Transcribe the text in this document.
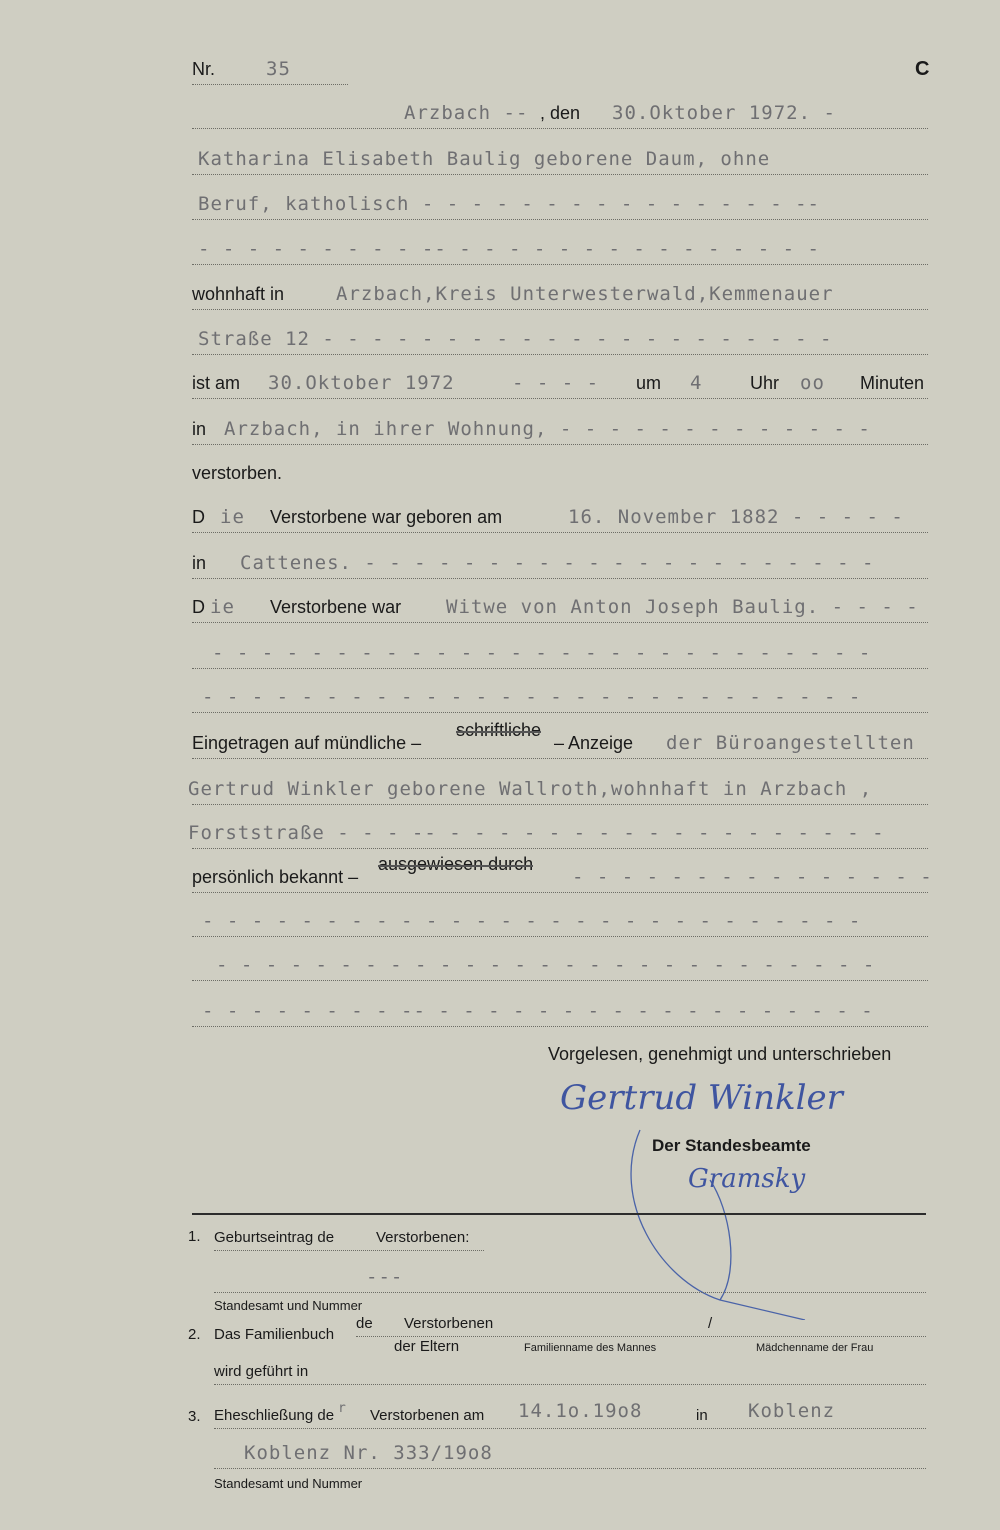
Nr.	35	C
Arzbach -- , den 30.Oktober 1972. -
Katharina Elisabeth Baulig geborene Daum, ohne
Beruf, katholisch - - - - - - - - - - - - - - - --
- - - - - - - - - -- - - - - - - - - - - - - - - -
wohnhaft in	Arzbach,Kreis Unterwesterwald,Kemmenauer
Straße 12 - - - - - - - - - - - - - - - - - - - - -
ist am 30.Oktober 1972	- - - - um 4	Uhr oo Minuten
in Arzbach, in ihrer Wohnung, - - - - - - - - - - - - -
verstorben.
D ie Verstorbene war geboren am	16. November 1882 - - - - -
in Cattenes. - - - - - - - - - - - - - - - - - - - - -
D ie Verstorbene war Witwe von Anton Joseph Baulig. - - - -
- - - - - - - - - - - - - - - - - - - - - - - - - - -
- - - - - - - - - - - - - - - - - - - - - - - - - - -
Eingetragen auf mündliche –
schriftliche
– Anzeige der Büroangestellten
Gertrud Winkler geborene Wallroth,wohnhaft in Arzbach ,
Forststraße - - - -- - - - - - - - - - - - - - - - - - -
persönlich bekannt –
ausgewiesen durch
- - - - - - - - - - - - - - -
- - - - - - - - - - - - - - - - - - - - - - - - - - -
- - - - - - - - - - - - - - - - - - - - - - - - - - -
- - - - - - - - -- - - - - - - - - - - - - - - - - - -
Vorgelesen, genehmigt und unterschrieben
Gertrud Winkler
Der Standesbeamte
Gramsky
1. Geburtseintrag de	Verstorbenen:
---
Standesamt und Nummer
2. Das Familienbuch
de Verstorbenen	/
der Eltern	Familienname des Mannes	Mädchenname der Frau
wird geführt in
3. Eheschließung de r Verstorbenen am 14.1o.19o8	in Koblenz
Koblenz Nr. 333/19o8
Standesamt und Nummer
